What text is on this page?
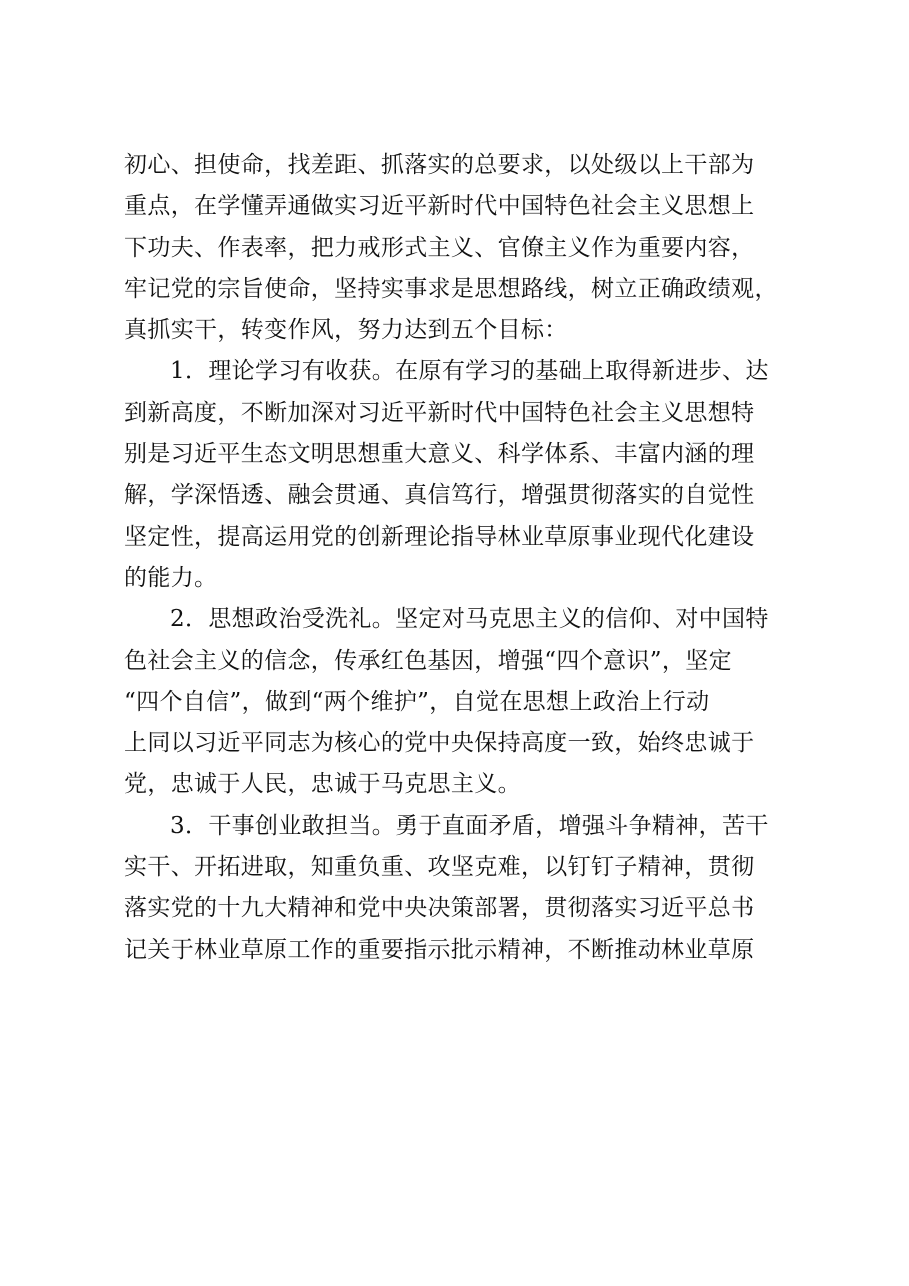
初心、担使命，找差距、抓落实的总要求，以处级以上干部为
重点，在学懂弄通做实习近平新时代中国特色社会主义思想上
下功夫、作表率，把力戒形式主义、官僚主义作为重要内容，
牢记党的宗旨使命，坚持实事求是思想路线，树立正确政绩观，
真抓实干，转变作风，努力达到五个目标：
1．理论学习有收获。在原有学习的基础上取得新进步、达
到新高度，不断加深对习近平新时代中国特色社会主义思想特
别是习近平生态文明思想重大意义、科学体系、丰富内涵的理
解，学深悟透、融会贯通、真信笃行，增强贯彻落实的自觉性
坚定性，提高运用党的创新理论指导林业草原事业现代化建设
的能力。
2．思想政治受洗礼。坚定对马克思主义的信仰、对中国特
色社会主义的信念，传承红色基因，增强“四个意识”，坚定
“四个自信”，做到“两个维护”，自觉在思想上政治上行动
上同以习近平同志为核心的党中央保持高度一致，始终忠诚于
党，忠诚于人民，忠诚于马克思主义。
3．干事创业敢担当。勇于直面矛盾，增强斗争精神，苦干
实干、开拓进取，知重负重、攻坚克难，以钉钉子精神，贯彻
落实党的十九大精神和党中央决策部署，贯彻落实习近平总书
记关于林业草原工作的重要指示批示精神，不断推动林业草原
